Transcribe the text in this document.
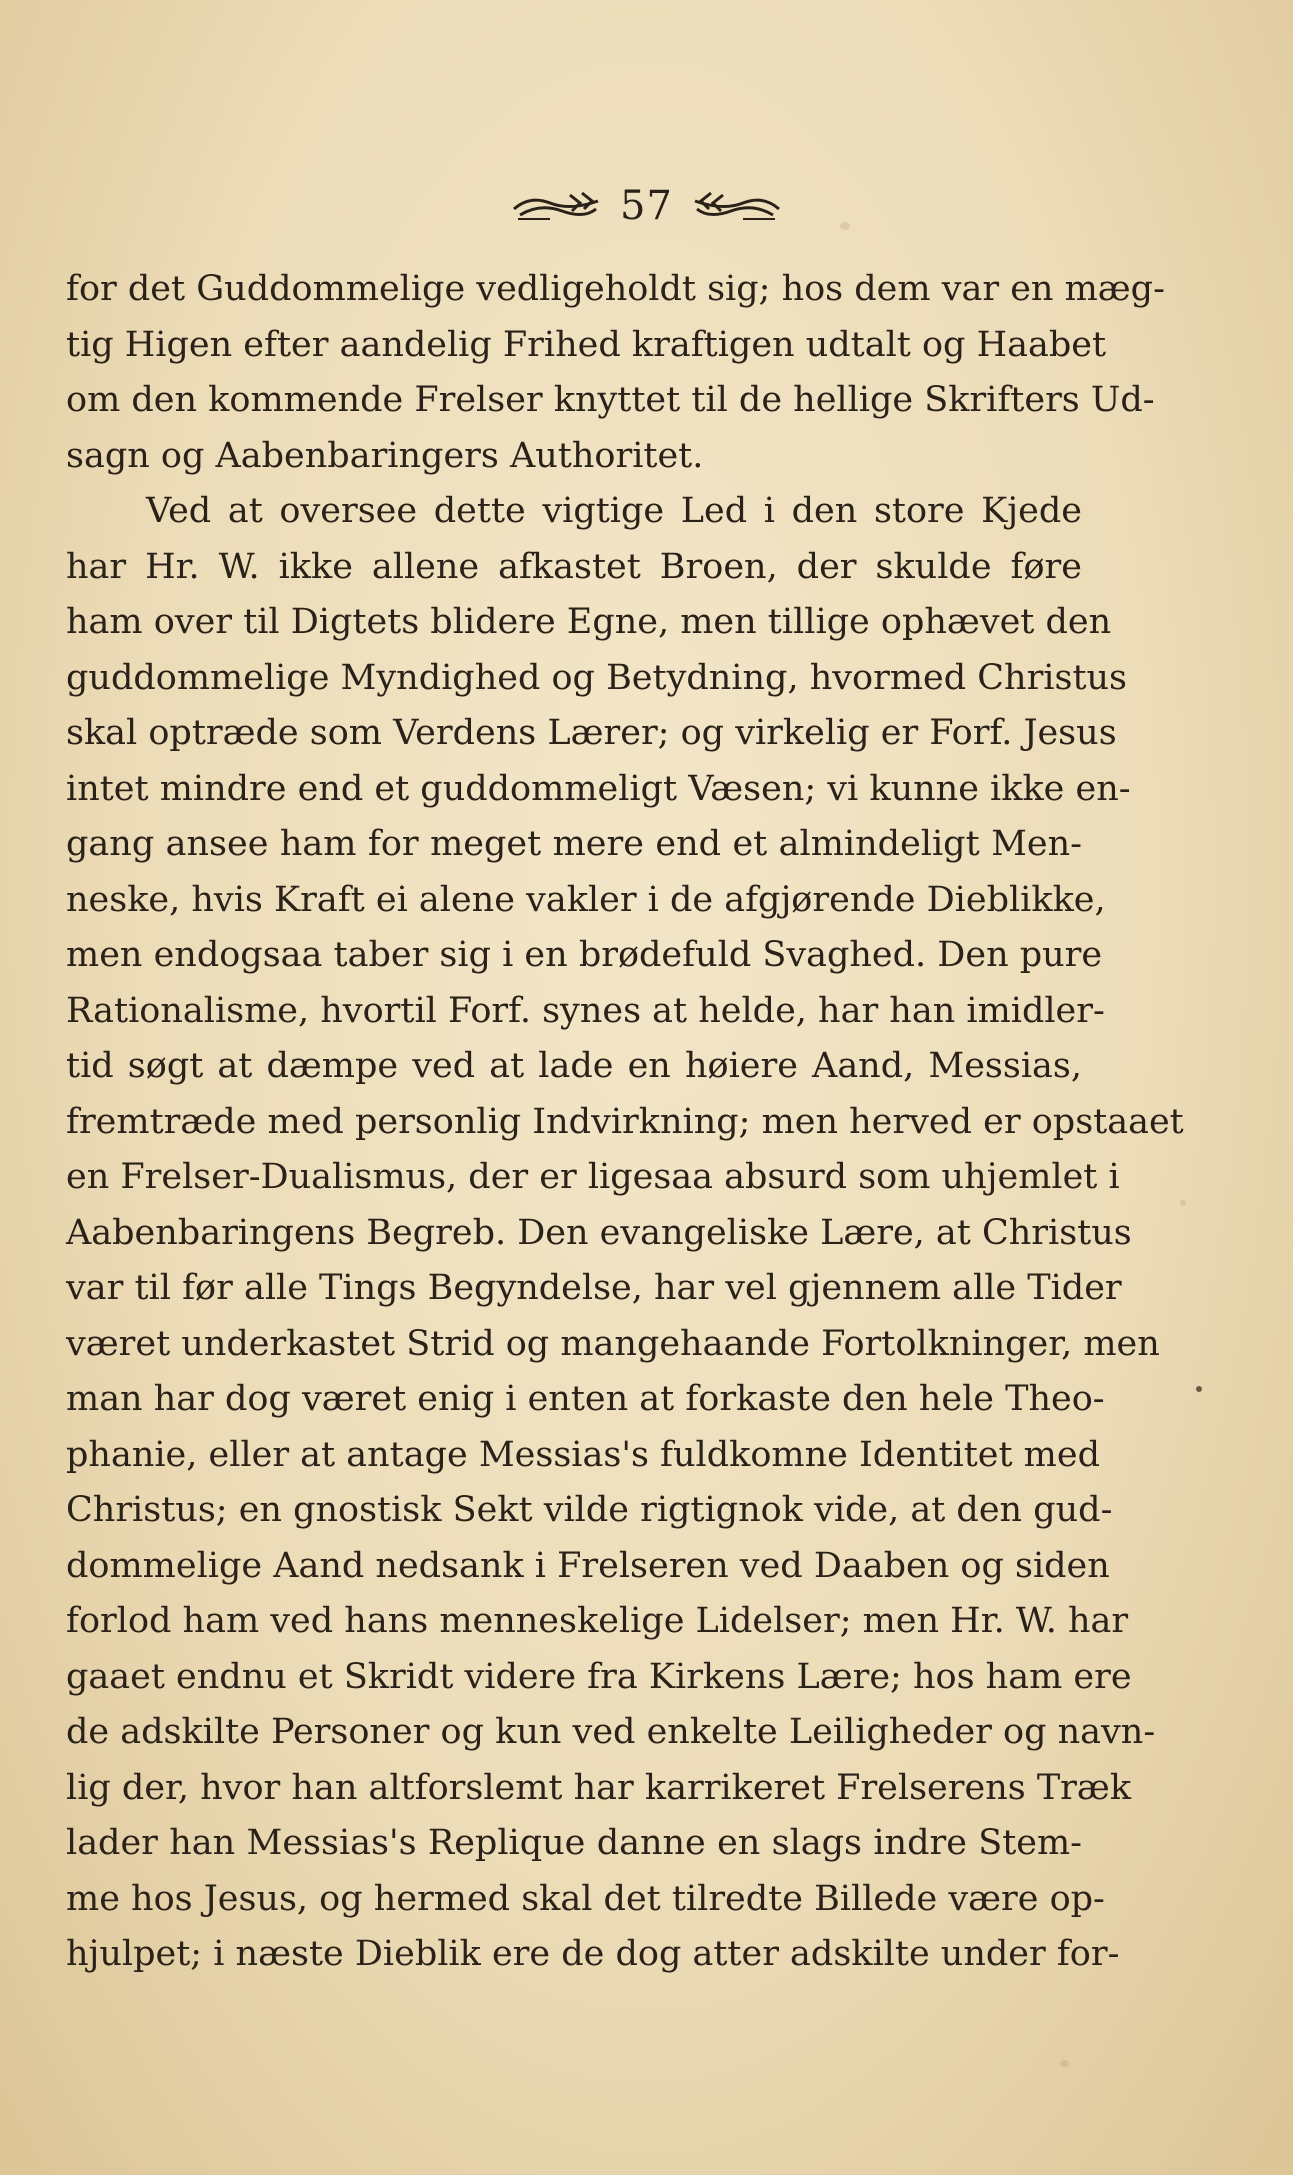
57
for det Guddommelige vedligeholdt sig; hos dem var en mæg-
tig Higen efter aandelig Frihed kraftigen udtalt og Haabet
om den kommende Frelser knyttet til de hellige Skrifters Ud-
sagn og Aabenbaringers Authoritet.
Ved at oversee dette vigtige Led i den store Kjede
har Hr. W. ikke allene afkastet Broen, der skulde føre
ham over til Digtets blidere Egne, men tillige ophævet den
guddommelige Myndighed og Betydning, hvormed Christus
skal optræde som Verdens Lærer; og virkelig er Forf. Jesus
intet mindre end et guddommeligt Væsen; vi kunne ikke en-
gang ansee ham for meget mere end et almindeligt Men-
neske, hvis Kraft ei alene vakler i de afgjørende Dieblikke,
men endogsaa taber sig i en brødefuld Svaghed. Den pure
Rationalisme, hvortil Forf. synes at helde, har han imidler-
tid søgt at dæmpe ved at lade en høiere Aand, Messias,
fremtræde med personlig Indvirkning; men herved er opstaaet
en Frelser-Dualismus, der er ligesaa absurd som uhjemlet i
Aabenbaringens Begreb. Den evangeliske Lære, at Christus
var til før alle Tings Begyndelse, har vel gjennem alle Tider
været underkastet Strid og mangehaande Fortolkninger, men
man har dog været enig i enten at forkaste den hele Theo-
phanie, eller at antage Messias's fuldkomne Identitet med
Christus; en gnostisk Sekt vilde rigtignok vide, at den gud-
dommelige Aand nedsank i Frelseren ved Daaben og siden
forlod ham ved hans menneskelige Lidelser; men Hr. W. har
gaaet endnu et Skridt videre fra Kirkens Lære; hos ham ere
de adskilte Personer og kun ved enkelte Leiligheder og navn-
lig der, hvor han altforslemt har karrikeret Frelserens Træk
lader han Messias's Replique danne en slags indre Stem-
me hos Jesus, og hermed skal det tilredte Billede være op-
hjulpet; i næste Dieblik ere de dog atter adskilte under for-
